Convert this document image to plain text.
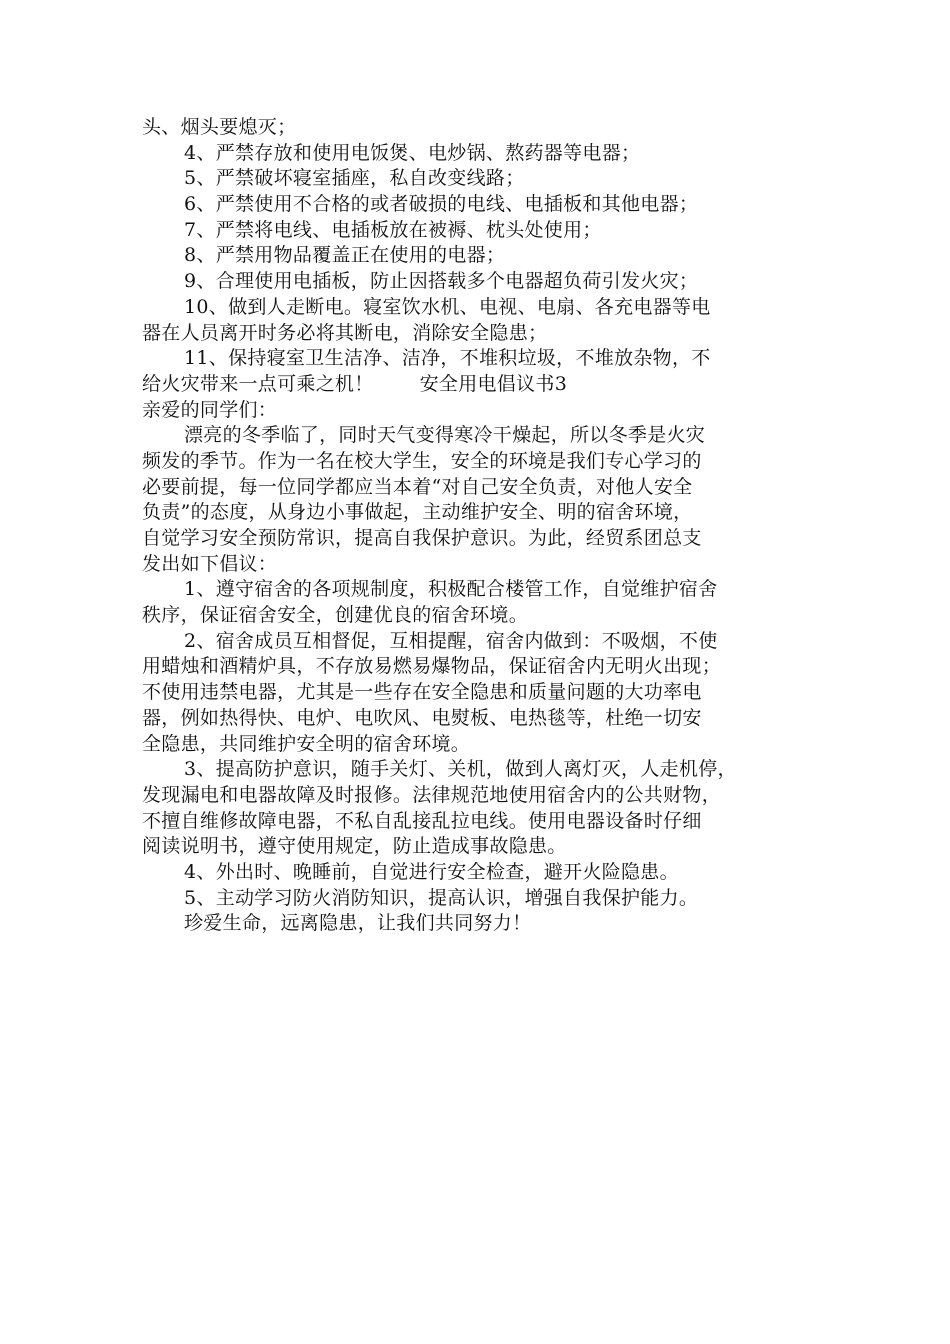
头、烟头要熄灭；
4、严禁存放和使用电饭煲、电炒锅、熬药器等电器；
5、严禁破坏寝室插座，私自改变线路；
6、严禁使用不合格的或者破损的电线、电插板和其他电器；
7、严禁将电线、电插板放在被褥、枕头处使用；
8、严禁用物品覆盖正在使用的电器；
9、合理使用电插板，防止因搭载多个电器超负荷引发火灾；
10、做到人走断电。寝室饮水机、电视、电扇、各充电器等电
器在人员离开时务必将其断电，消除安全隐患；
11、保持寝室卫生洁净、洁净，不堆积垃圾，不堆放杂物，不
给火灾带来一点可乘之机！ 安全用电倡议书3
亲爱的同学们：
漂亮的冬季临了，同时天气变得寒冷干燥起，所以冬季是火灾
频发的季节。作为一名在校大学生，安全的环境是我们专心学习的
必要前提，每一位同学都应当本着“对自己安全负责，对他人安全
负责”的态度，从身边小事做起，主动维护安全、明的宿舍环境，
自觉学习安全预防常识，提高自我保护意识。为此，经贸系团总支
发出如下倡议：
1、遵守宿舍的各项规制度，积极配合楼管工作，自觉维护宿舍
秩序，保证宿舍安全，创建优良的宿舍环境。
2、宿舍成员互相督促，互相提醒，宿舍内做到：不吸烟，不使
用蜡烛和酒精炉具，不存放易燃易爆物品，保证宿舍内无明火出现；
不使用违禁电器，尤其是一些存在安全隐患和质量问题的大功率电
器，例如热得快、电炉、电吹风、电熨板、电热毯等，杜绝一切安
全隐患，共同维护安全明的宿舍环境。
3、提高防护意识，随手关灯、关机，做到人离灯灭，人走机停，
发现漏电和电器故障及时报修。法律规范地使用宿舍内的公共财物，
不擅自维修故障电器，不私自乱接乱拉电线。使用电器设备时仔细
阅读说明书，遵守使用规定，防止造成事故隐患。
4、外出时、晚睡前，自觉进行安全检查，避开火险隐患。
5、主动学习防火消防知识，提高认识，增强自我保护能力。
珍爱生命，远离隐患，让我们共同努力！
